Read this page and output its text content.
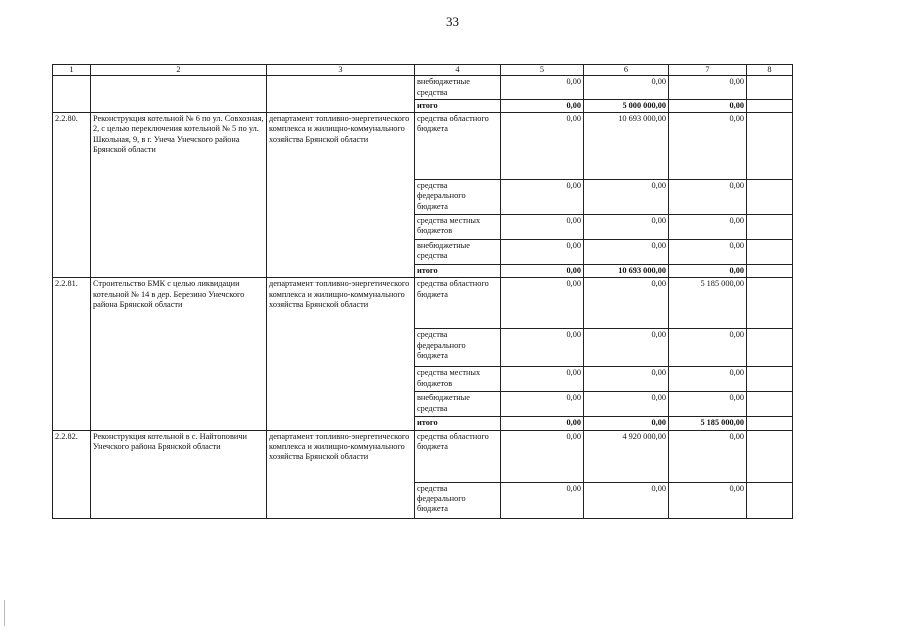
33
1	2	3	4	5	6	7	8
			внебюджетные средства	0,00	0,00	0,00	
			итого	0,00	5 000 000,00	0,00	
2.2.80.	Реконструкция котельной № 6 по ул. Совхозная, 2, с целью переключения котельной № 5 по ул. Школьная, 9, в г. Унеча Унечского района Брянской области	департамент топливно-энергетического комплекса и жилищно-коммунального хозяйства Брянской области	средства областного бюджета	0,00	10 693 000,00	0,00	
			средства федерального бюджета	0,00	0,00	0,00	
			средства местных бюджетов	0,00	0,00	0,00	
			внебюджетные средства	0,00	0,00	0,00	
			итого	0,00	10 693 000,00	0,00	
2.2.81.	Строительство БМК с целью ликвидации котельной № 14 в дер. Березино Унечского района Брянской области	департамент топливно-энергетического комплекса и жилищно-коммунального хозяйства Брянской области	средства областного бюджета	0,00	0,00	5 185 000,00	
			средства федерального бюджета	0,00	0,00	0,00	
			средства местных бюджетов	0,00	0,00	0,00	
			внебюджетные средства	0,00	0,00	0,00	
			итого	0,00	0,00	5 185 000,00	
2.2.82.	Реконструкция котельной в с. Найтоповичи Унечского района Брянской области	департамент топливно-энергетического комплекса и жилищно-коммунального хозяйства Брянской области	средства областного бюджета	0,00	4 920 000,00	0,00	
			средства федерального бюджета	0,00	0,00	0,00	
